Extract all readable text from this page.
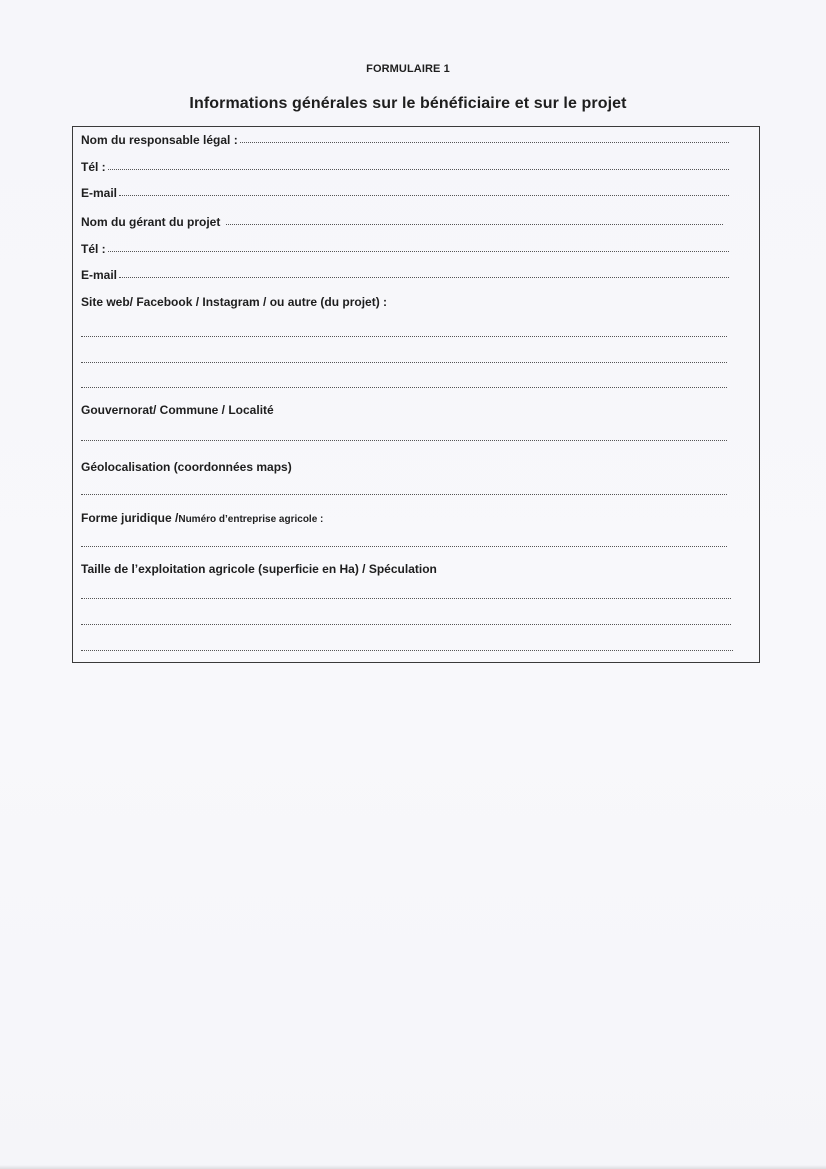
FORMULAIRE 1
Informations générales sur le bénéficiaire et sur le projet
Nom du responsable légal :
Tél :
E-mail
Nom du gérant du projet
Tél :
E-mail
Site web/ Facebook / Instagram / ou autre (du projet) :
Gouvernorat/ Commune / Localité
Géolocalisation (coordonnées maps)
Forme juridique /Numéro d’entreprise agricole :
Taille de l’exploitation agricole (superficie en Ha) / Spéculation
